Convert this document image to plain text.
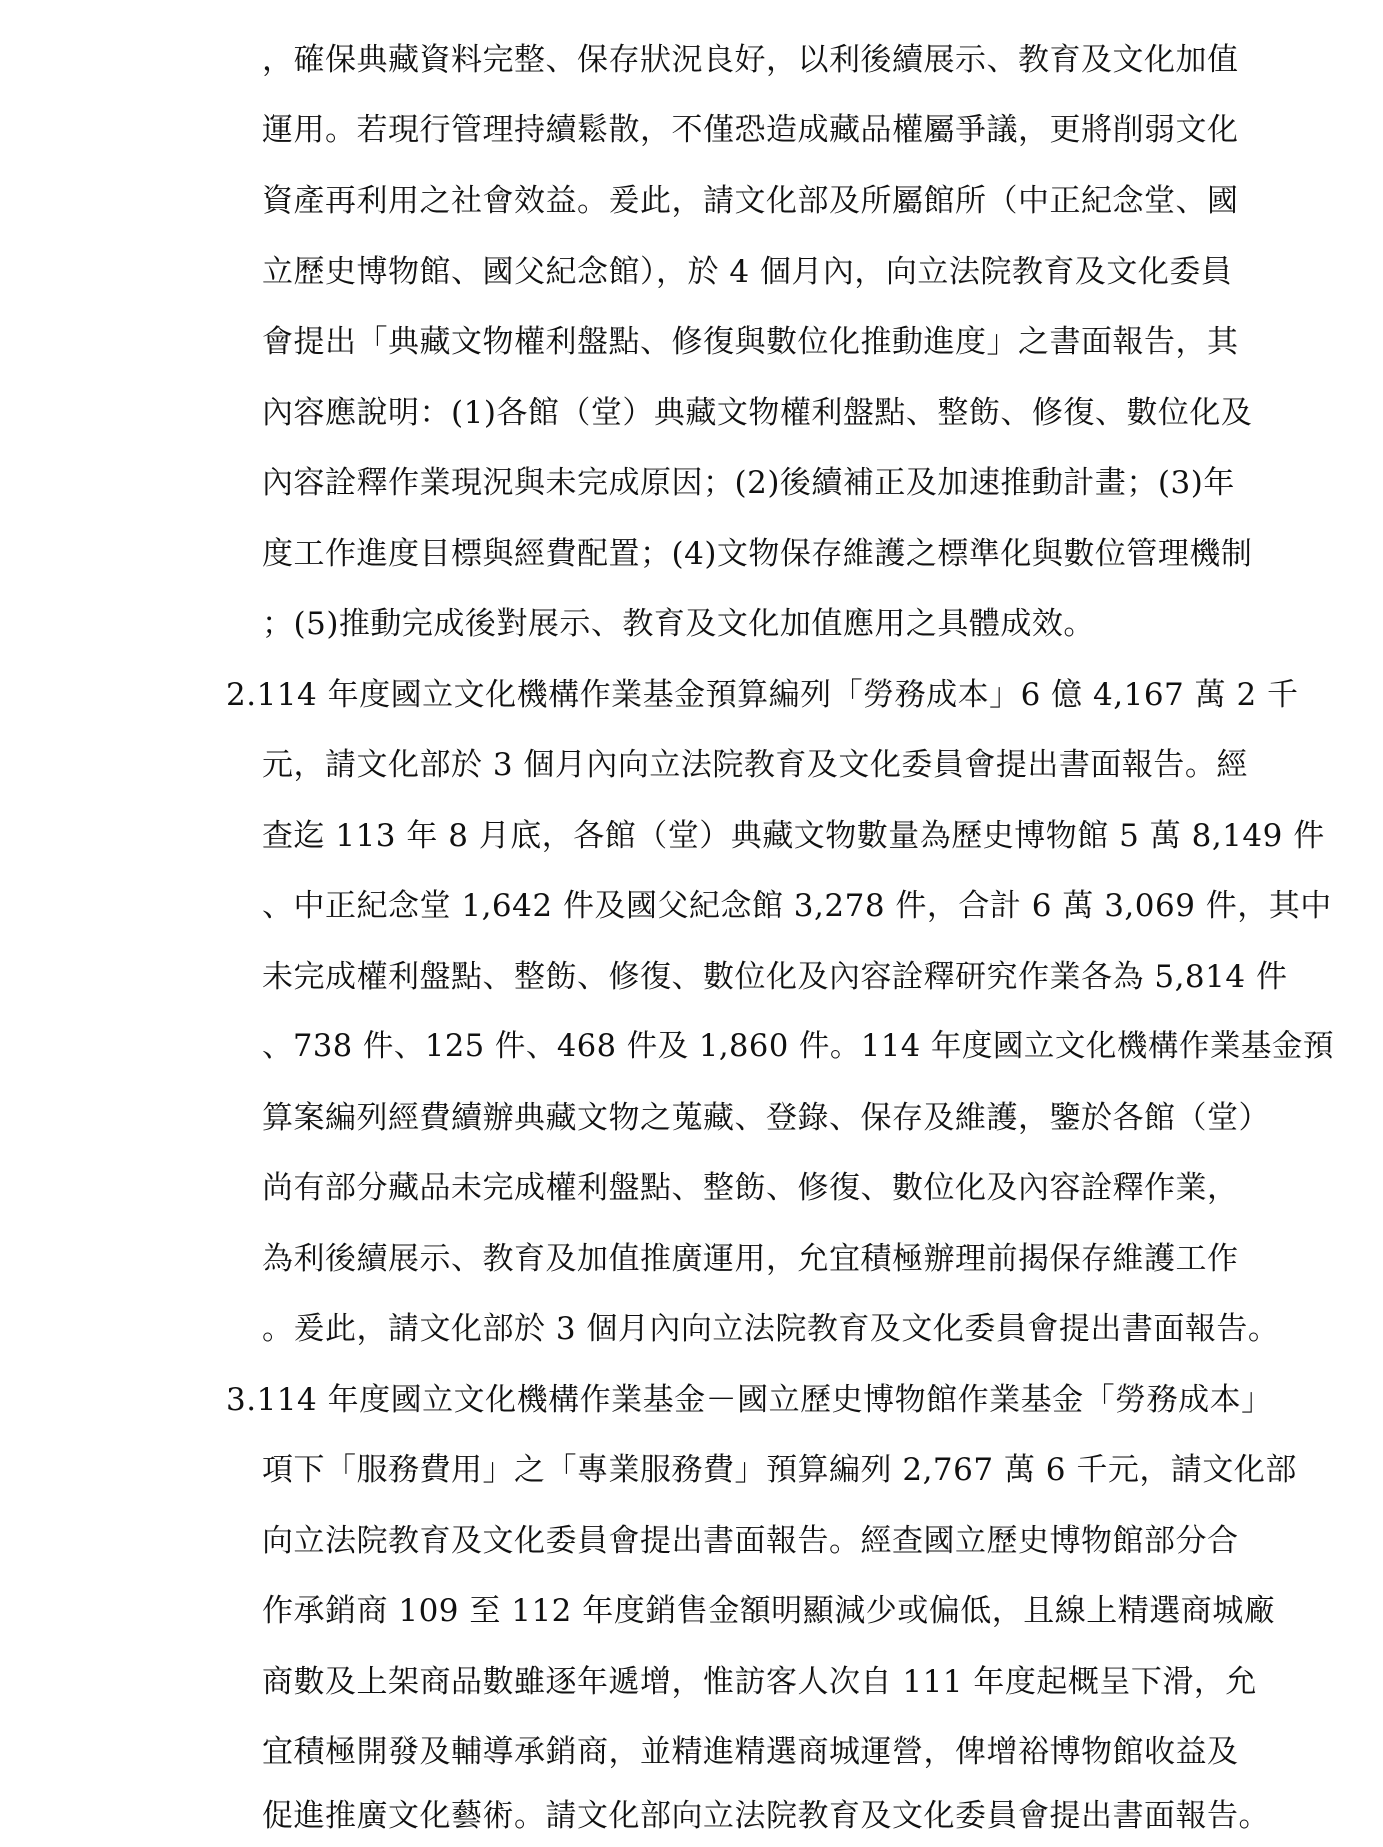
，確保典藏資料完整、保存狀況良好，以利後續展示、教育及文化加值
運用。若現行管理持續鬆散，不僅恐造成藏品權屬爭議，更將削弱文化
資產再利用之社會效益。爰此，請文化部及所屬館所（中正紀念堂、國
立歷史博物館、國父紀念館），於 4 個月內，向立法院教育及文化委員
會提出「典藏文物權利盤點、修復與數位化推動進度」之書面報告，其
內容應說明：(1)各館（堂）典藏文物權利盤點、整飭、修復、數位化及
內容詮釋作業現況與未完成原因；(2)後續補正及加速推動計畫；(3)年
度工作進度目標與經費配置；(4)文物保存維護之標準化與數位管理機制
；(5)推動完成後對展示、教育及文化加值應用之具體成效。
2.114 年度國立文化機構作業基金預算編列「勞務成本」6 億 4,167 萬 2 千
元，請文化部於 3 個月內向立法院教育及文化委員會提出書面報告。經
查迄 113 年 8 月底，各館（堂）典藏文物數量為歷史博物館 5 萬 8,149 件
、中正紀念堂 1,642 件及國父紀念館 3,278 件，合計 6 萬 3,069 件，其中
未完成權利盤點、整飭、修復、數位化及內容詮釋研究作業各為 5,814 件
、738 件、125 件、468 件及 1,860 件。114 年度國立文化機構作業基金預
算案編列經費續辦典藏文物之蒐藏、登錄、保存及維護，鑒於各館（堂）
尚有部分藏品未完成權利盤點、整飭、修復、數位化及內容詮釋作業，
為利後續展示、教育及加值推廣運用，允宜積極辦理前揭保存維護工作
。爰此，請文化部於 3 個月內向立法院教育及文化委員會提出書面報告。
3.114 年度國立文化機構作業基金－國立歷史博物館作業基金「勞務成本」
項下「服務費用」之「專業服務費」預算編列 2,767 萬 6 千元，請文化部
向立法院教育及文化委員會提出書面報告。經查國立歷史博物館部分合
作承銷商 109 至 112 年度銷售金額明顯減少或偏低，且線上精選商城廠
商數及上架商品數雖逐年遞增，惟訪客人次自 111 年度起概呈下滑，允
宜積極開發及輔導承銷商，並精進精選商城運營，俾增裕博物館收益及
促進推廣文化藝術。請文化部向立法院教育及文化委員會提出書面報告。
